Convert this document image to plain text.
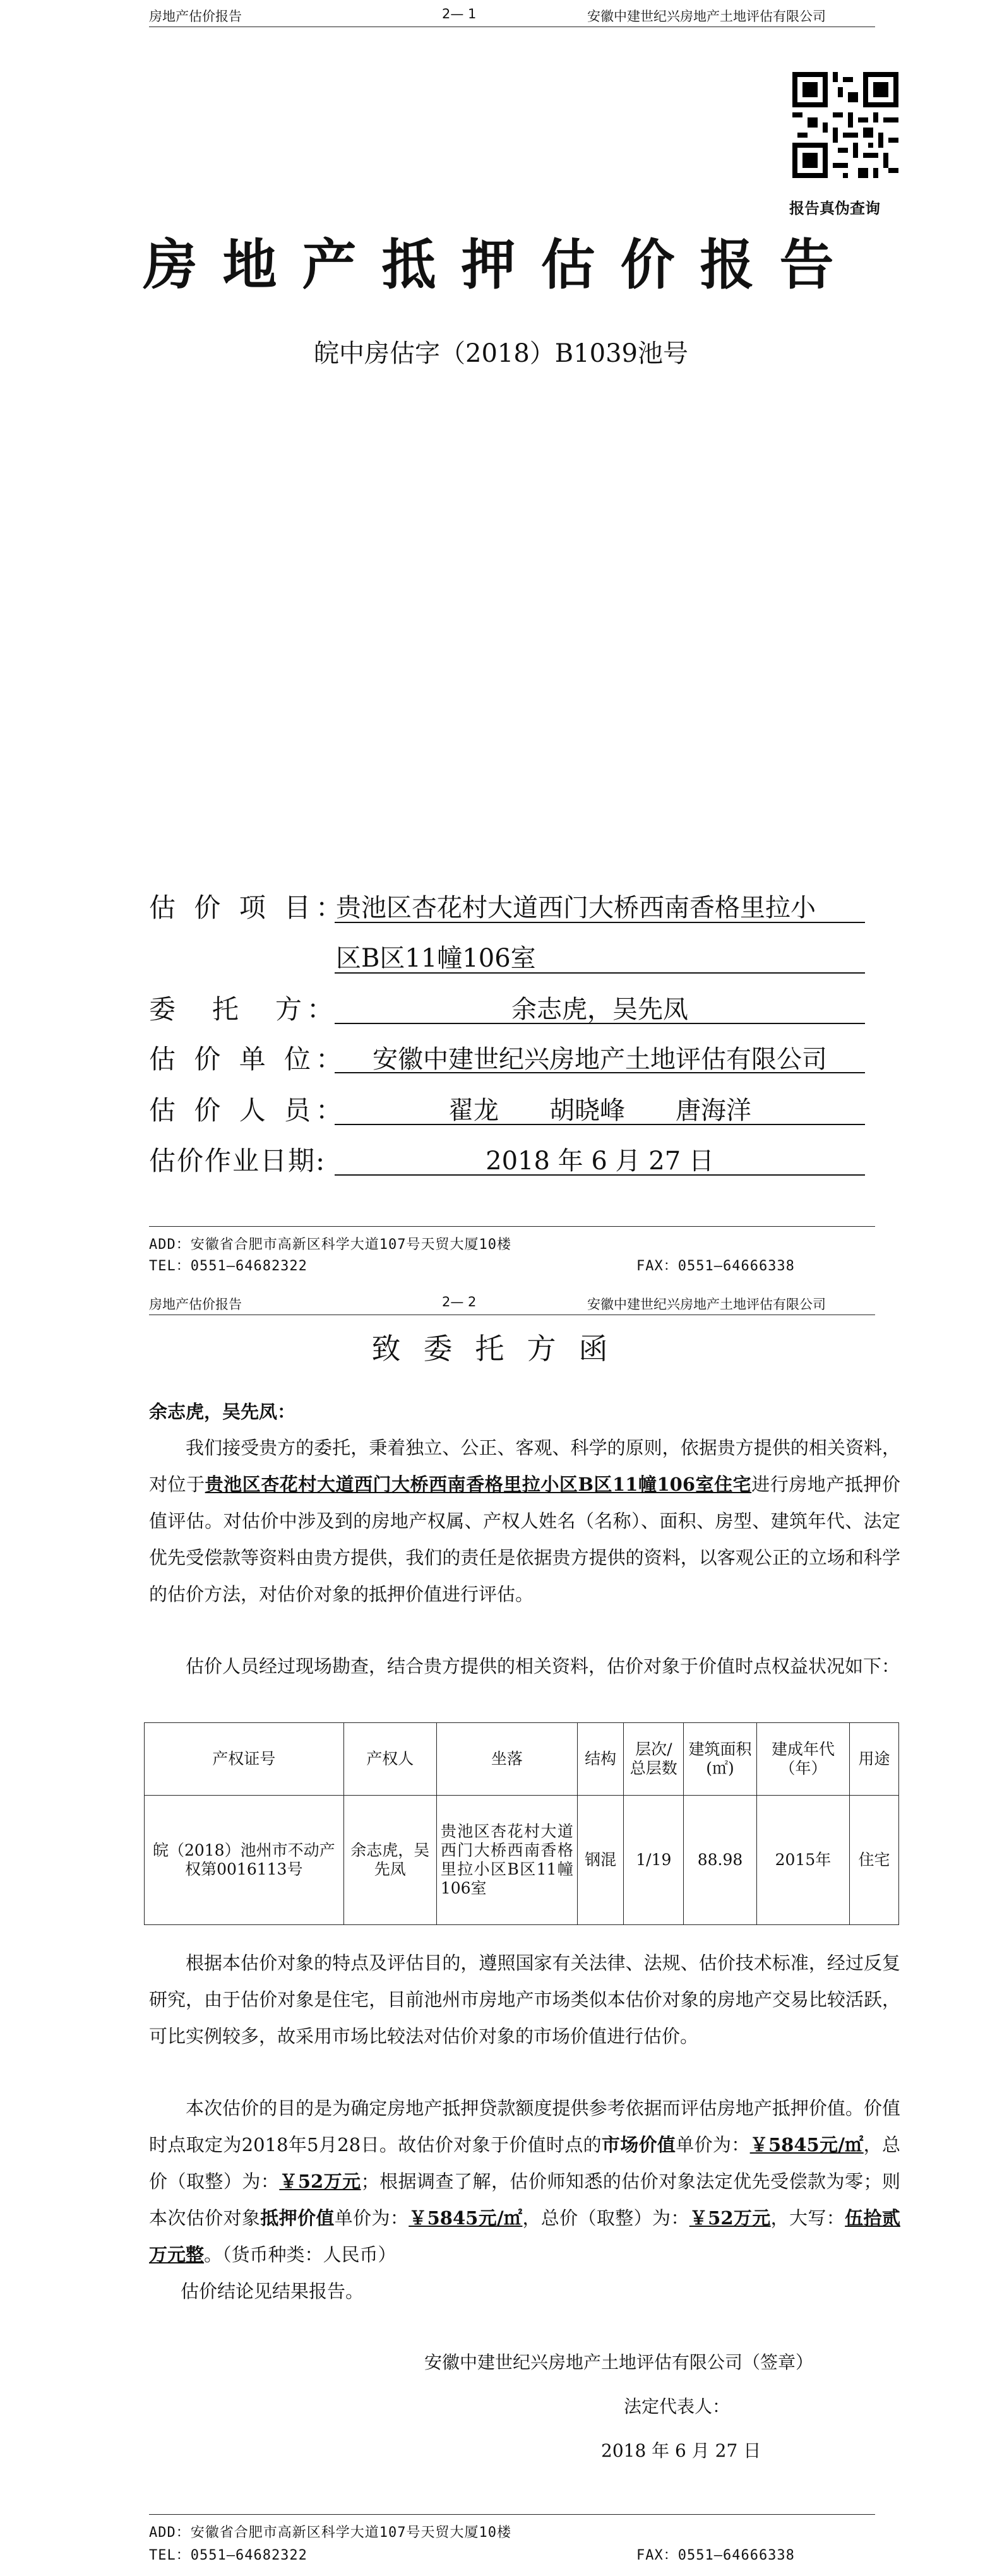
房地产估价报告	2— 1	安徽中建世纪兴房地产土地评估有限公司
报告真伪查询
房地产抵押估价报告
皖中房估字（2018）B1039池号
估 价 项 目：
贵池区杏花村大道西门大桥西南香格里拉小
区B区11幢106室
委　托　方：	余志虎，吴先凤
估 价 单 位： 安徽中建世纪兴房地产土地评估有限公司
估 价 人 员：	翟龙　　胡晓峰　　唐海洋
估价作业日期:	2018 年 6 月 27 日
ADD：安徽省合肥市高新区科学大道107号天贸大厦10楼
TEL：0551—64682322	FAX：0551—64666338
房地产估价报告	2— 2	安徽中建世纪兴房地产土地评估有限公司
致委托方函
余志虎，吴先凤：
我们接受贵方的委托，秉着独立、公正、客观、科学的原则，依据贵方提供的相关资料，对位于贵池区杏花村大道西门大桥西南香格里拉小区B区11幢106室住宅进行房地产抵押价值评估。对估价中涉及到的房地产权属、产权人姓名（名称）、面积、房型、建筑年代、法定优先受偿款等资料由贵方提供，我们的责任是依据贵方提供的资料，以客观公正的立场和科学的估价方法，对估价对象的抵押价值进行评估。
估价人员经过现场勘查，结合贵方提供的相关资料，估价对象于价值时点权益状况如下：
产权证号	产权人	坐落	结构	层次/总层数	建筑面积(㎡)	建成年代（年）	用途
皖（2018）池州市不动产权第0016113号	余志虎，吴先凤	贵池区杏花村大道西门大桥西南香格里拉小区B区11幢106室	钢混	1/19	88.98	2015年	住宅
根据本估价对象的特点及评估目的，遵照国家有关法律、法规、估价技术标准，经过反复研究，由于估价对象是住宅，目前池州市房地产市场类似本估价对象的房地产交易比较活跃，可比实例较多，故采用市场比较法对估价对象的市场价值进行估价。
本次估价的目的是为确定房地产抵押贷款额度提供参考依据而评估房地产抵押价值。价值时点取定为2018年5月28日。故估价对象于价值时点的市场价值单价为：￥5845元/㎡，总价（取整）为：￥52万元；根据调查了解，估价师知悉的估价对象法定优先受偿款为零；则本次估价对象抵押价值单价为：￥5845元/㎡，总价（取整）为：￥52万元，大写：伍拾贰万元整。（货币种类：人民币）
估价结论见结果报告。
安徽中建世纪兴房地产土地评估有限公司（签章）
法定代表人：
2018 年 6 月 27 日
ADD：安徽省合肥市高新区科学大道107号天贸大厦10楼
TEL：0551—64682322	FAX：0551—64666338
